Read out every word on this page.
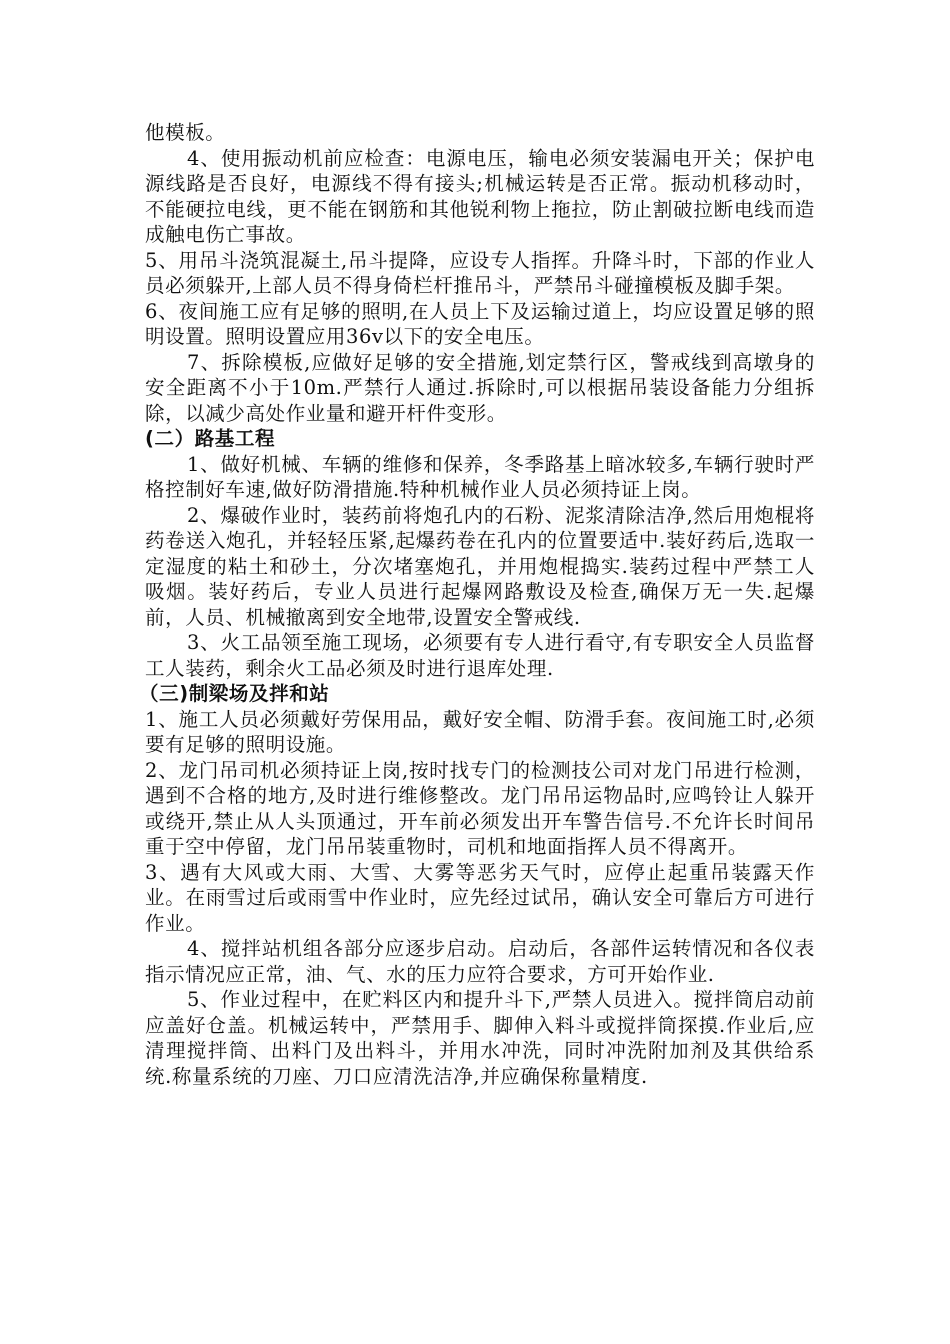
他模板。

4、使用振动机前应检查：电源电压，输电必须安装漏电开关；保护电源线路是否良好，电源线不得有接头;机械运转是否正常。振动机移动时，不能硬拉电线，更不能在钢筋和其他锐利物上拖拉，防止割破拉断电线而造成触电伤亡事故。

5、用吊斗浇筑混凝土,吊斗提降，应设专人指挥。升降斗时，下部的作业人员必须躲开,上部人员不得身倚栏杆推吊斗，严禁吊斗碰撞模板及脚手架。

6、夜间施工应有足够的照明,在人员上下及运输过道上，均应设置足够的照明设置。照明设置应用36v以下的安全电压。

7、拆除模板,应做好足够的安全措施,划定禁行区，警戒线到高墩身的安全距离不小于10m.严禁行人通过.拆除时,可以根据吊装设备能力分组拆除，以减少高处作业量和避开杆件变形。

(二）路基工程

1、做好机械、车辆的维修和保养，冬季路基上暗冰较多,车辆行驶时严格控制好车速,做好防滑措施.特种机械作业人员必须持证上岗。

2、爆破作业时，装药前将炮孔内的石粉、泥浆清除洁净,然后用炮棍将药卷送入炮孔，并轻轻压紧,起爆药卷在孔内的位置要适中.装好药后,选取一定湿度的粘土和砂土，分次堵塞炮孔，并用炮棍捣实.装药过程中严禁工人吸烟。装好药后，专业人员进行起爆网路敷设及检查,确保万无一失.起爆前，人员、机械撤离到安全地带,设置安全警戒线.

3、火工品领至施工现场，必须要有专人进行看守,有专职安全人员监督工人装药，剩余火工品必须及时进行退库处理.

（三)制梁场及拌和站

1、施工人员必须戴好劳保用品，戴好安全帽、防滑手套。夜间施工时,必须要有足够的照明设施。

2、龙门吊司机必须持证上岗,按时找专门的检测技公司对龙门吊进行检测，遇到不合格的地方,及时进行维修整改。龙门吊吊运物品时,应鸣铃让人躲开或绕开,禁止从人头顶通过，开车前必须发出开车警告信号.不允许长时间吊重于空中停留，龙门吊吊装重物时，司机和地面指挥人员不得离开。

3、遇有大风或大雨、大雪、大雾等恶劣天气时，应停止起重吊装露天作业。在雨雪过后或雨雪中作业时，应先经过试吊，确认安全可靠后方可进行作业。

4、搅拌站机组各部分应逐步启动。启动后，各部件运转情况和各仪表指示情况应正常，油、气、水的压力应符合要求，方可开始作业.

5、作业过程中，在贮料区内和提升斗下,严禁人员进入。搅拌筒启动前应盖好仓盖。机械运转中，严禁用手、脚伸入料斗或搅拌筒探摸.作业后,应清理搅拌筒、出料门及出料斗，并用水冲洗，同时冲洗附加剂及其供给系统.称量系统的刀座、刀口应清洗洁净,并应确保称量精度.
